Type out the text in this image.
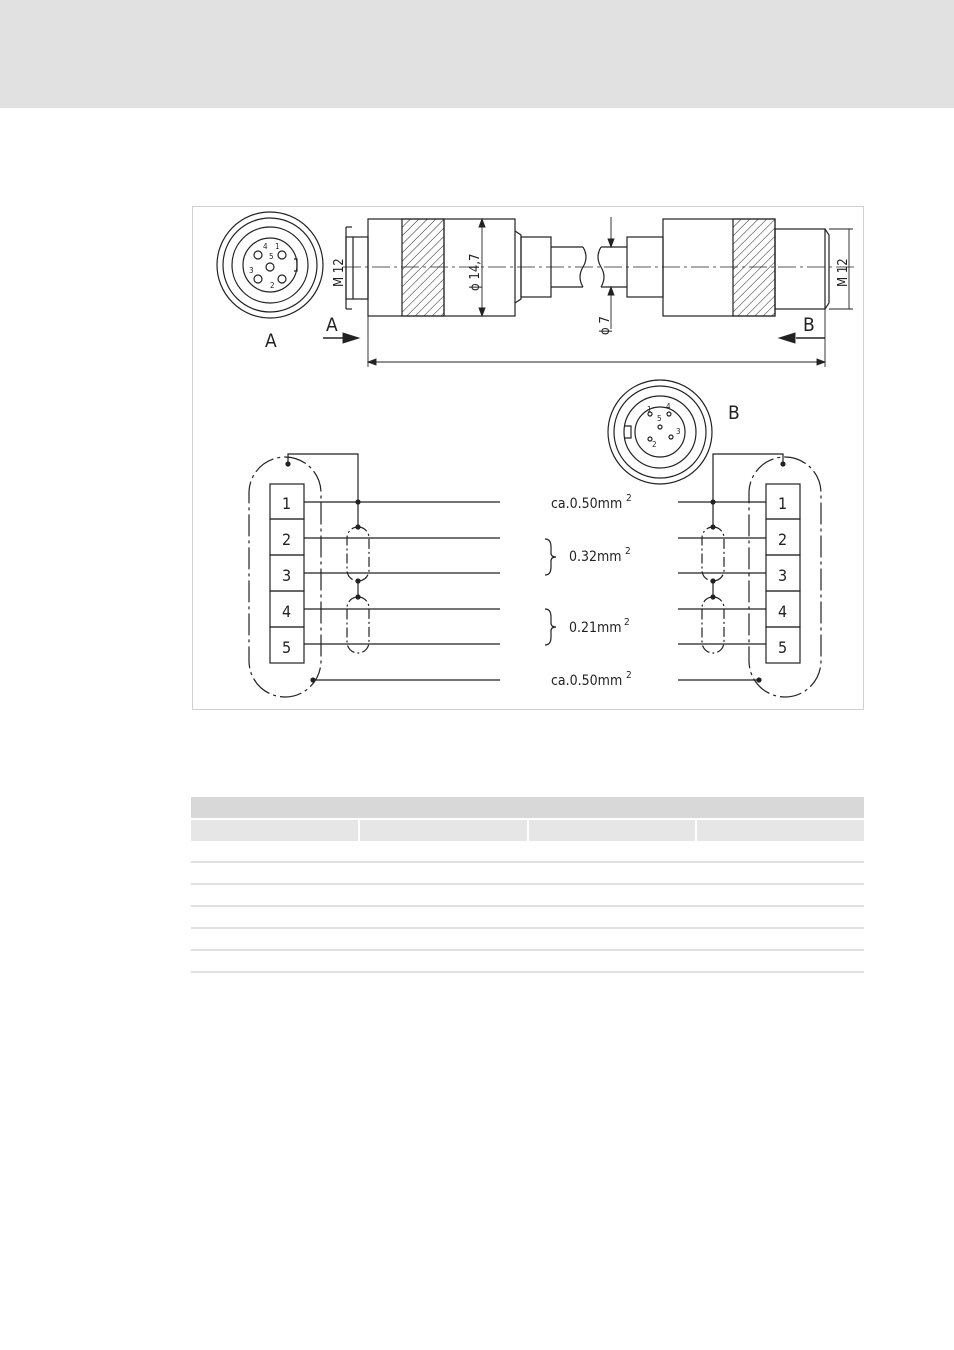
4
5
1
3
2
A
A	B
B
M 12	M 12
ϕ 14,7
ϕ 7
1 4
5
3
2
1
2
3
4
5
1
2
3
4
5
ca.0.50mm 2
0.32mm 2
0.21mm 2
ca.0.50mm 2
